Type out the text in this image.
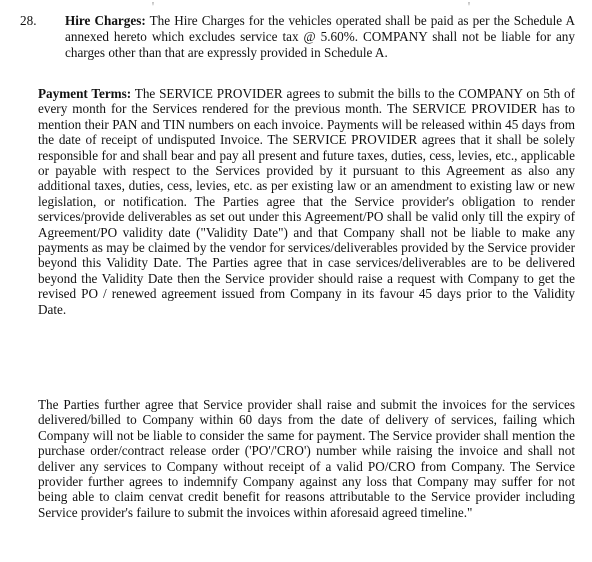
ꞌ	ꞌ
28. Hire Charges: The Hire Charges for the vehicles operated shall be paid as per the Schedule A annexed hereto which excludes service tax @ 5.60%. COMPANY shall not be liable for any charges other than that are expressly provided in Schedule A.
Payment Terms: The SERVICE PROVIDER agrees to submit the bills to the COMPANY on 5th of every month for the Services rendered for the previous month. The SERVICE PROVIDER has to mention their PAN and TIN numbers on each invoice. Payments will be released within 45 days from the date of receipt of undisputed Invoice. The SERVICE PROVIDER agrees that it shall be solely responsible for and shall bear and pay all present and future taxes, duties, cess, levies, etc., applicable or payable with respect to the Services provided by it pursuant to this Agreement as also any additional taxes, duties, cess, levies, etc. as per existing law or an amendment to existing law or new legislation, or notification. The Parties agree that the Service provider's obligation to render services/provide deliverables as set out under this Agreement/PO shall be valid only till the expiry of Agreement/PO validity date ("Validity Date") and that Company shall not be liable to make any payments as may be claimed by the vendor for services/deliverables provided by the Service provider beyond this Validity Date. The Parties agree that in case services/deliverables are to be delivered beyond the Validity Date then the Service provider should raise a request with Company to get the revised PO / renewed agreement issued from Company in its favour 45 days prior to the Validity Date.
The Parties further agree that Service provider shall raise and submit the invoices for the services delivered/billed to Company within 60 days from the date of delivery of services, failing which Company will not be liable to consider the same for payment. The Service provider shall mention the purchase order/contract release order ('PO'/'CRO') number while raising the invoice and shall not deliver any services to Company without receipt of a valid PO/CRO from Company. The Service provider further agrees to indemnify Company against any loss that Company may suffer for not being able to claim cenvat credit benefit for reasons attributable to the Service provider including Service provider's failure to submit the invoices within aforesaid agreed timeline."
